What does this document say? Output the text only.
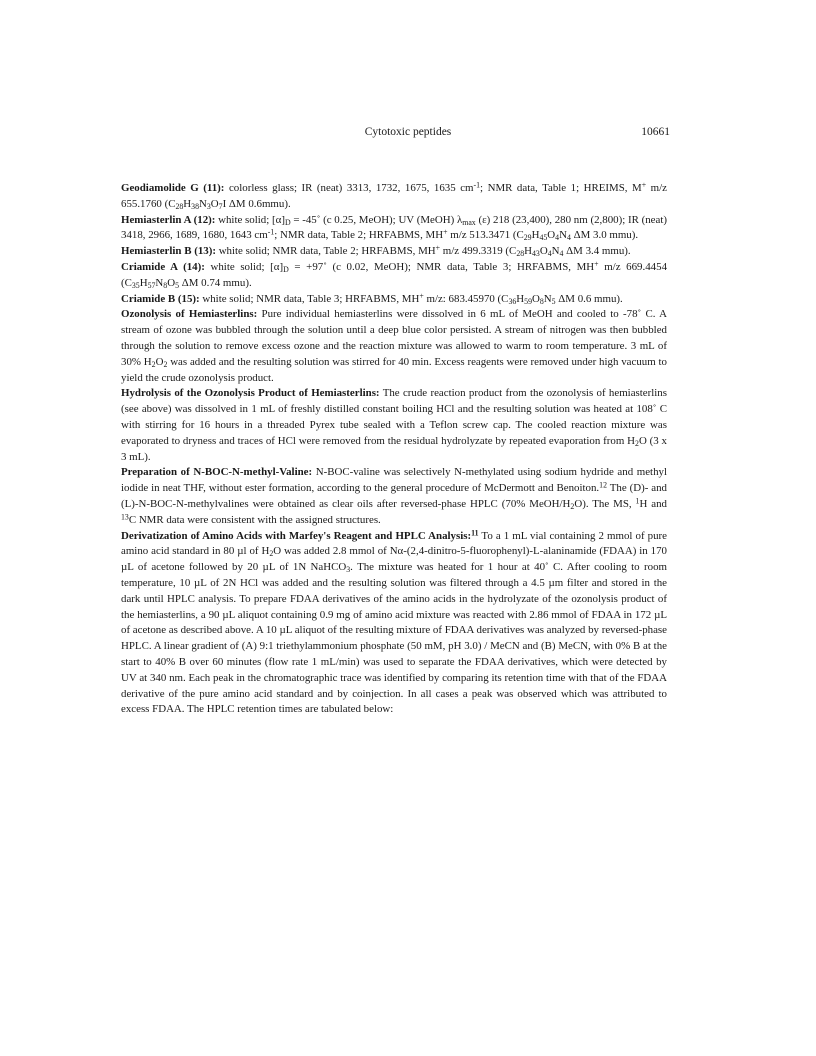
Cytotoxic peptides	10661

Geodiamolide G (11): colorless glass; IR (neat) 3313, 1732, 1675, 1635 $cm^{-1}$; NMR data, Table 1; HREIMS, M+ m/z 655.1760 ($C_{28}H_{38}N_3O_7I$ ΔM 0.6mmu).

Hemiasterlin A (12): white solid; $[\alpha]_D$ = -45˚ (c 0.25, MeOH); UV (MeOH) $\lambda_{max}$ (ε) 218 (23,400), 280 nm (2,800); IR (neat) 3418, 2966, 1689, 1680, 1643 $cm^{-1}$; NMR data, Table 2; HRFABMS, MH+ m/z 513.3471 ($C_{29}H_{45}O_4N_4$ ΔM 3.0 mmu).

Hemiasterlin B (13): white solid; NMR data, Table 2; HRFABMS, MH+ m/z 499.3319 ($C_{28}H_{43}O_4N_4$ ΔM 3.4 mmu).

Criamide A (14): white solid; $[\alpha]_D$ = +97˚ (c 0.02, MeOH); NMR data, Table 3; HRFABMS, MH+ m/z 669.4454 ($C_{35}H_{57}N_8O_5$ ΔM 0.74 mmu).

Criamide B (15): white solid; NMR data, Table 3; HRFABMS, MH+ m/z: 683.45970 ($C_{36}H_{59}O_8N_5$ ΔM 0.6 mmu).

Ozonolysis of Hemiasterlins: Pure individual hemiasterlins were dissolved in 6 mL of MeOH and cooled to -78˚ C. A stream of ozone was bubbled through the solution until a deep blue color persisted. A stream of nitrogen was then bubbled through the solution to remove excess ozone and the reaction mixture was allowed to warm to room temperature. 3 mL of 30% $H_2O_2$ was added and the resulting solution was stirred for 40 min. Excess reagents were removed under high vacuum to yield the crude ozonolysis product.

Hydrolysis of the Ozonolysis Product of Hemiasterlins: The crude reaction product from the ozonolysis of hemiasterlins (see above) was dissolved in 1 mL of freshly distilled constant boiling HCl and the resulting solution was heated at 108˚ C with stirring for 16 hours in a threaded Pyrex tube sealed with a Teflon screw cap. The cooled reaction mixture was evaporated to dryness and traces of HCl were removed from the residual hydrolyzate by repeated evaporation from $H_2O$ (3 x 3 mL).

Preparation of N-BOC-N-methyl-Valine: N-BOC-valine was selectively N-methylated using sodium hydride and methyl iodide in neat THF, without ester formation, according to the general procedure of McDermott and Benoiton.$^{12}$ The (D)- and (L)-N-BOC-N-methylvalines were obtained as clear oils after reversed-phase HPLC (70% MeOH/$H_2O$). The MS, $^1$H and $^{13}$C NMR data were consistent with the assigned structures.

Derivatization of Amino Acids with Marfey's Reagent and HPLC Analysis:$^{11}$ To a 1 mL vial containing 2 mmol of pure amino acid standard in 80 µl of $H_2O$ was added 2.8 mmol of Nα-(2,4-dinitro-5-fluorophenyl)-L-alaninamide (FDAA) in 170 µL of acetone followed by 20 µL of 1N NaHCO$_3$. The mixture was heated for 1 hour at 40˚ C. After cooling to room temperature, 10 µL of 2N HCl was added and the resulting solution was filtered through a 4.5 µm filter and stored in the dark until HPLC analysis. To prepare FDAA derivatives of the amino acids in the hydrolyzate of the ozonolysis product of the hemiasterlins, a 90 µL aliquot containing 0.9 mg of amino acid mixture was reacted with 2.86 mmol of FDAA in 172 µL of acetone as described above. A 10 µL aliquot of the resulting mixture of FDAA derivatives was analyzed by reversed-phase HPLC. A linear gradient of (A) 9:1 triethylammonium phosphate (50 mM, pH 3.0) / MeCN and (B) MeCN, with 0% B at the start to 40% B over 60 minutes (flow rate 1 mL/min) was used to separate the FDAA derivatives, which were detected by UV at 340 nm. Each peak in the chromatographic trace was identified by comparing its retention time with that of the FDAA derivative of the pure amino acid standard and by coinjection. In all cases a peak was observed which was attributed to excess FDAA. The HPLC retention times are tabulated below:
